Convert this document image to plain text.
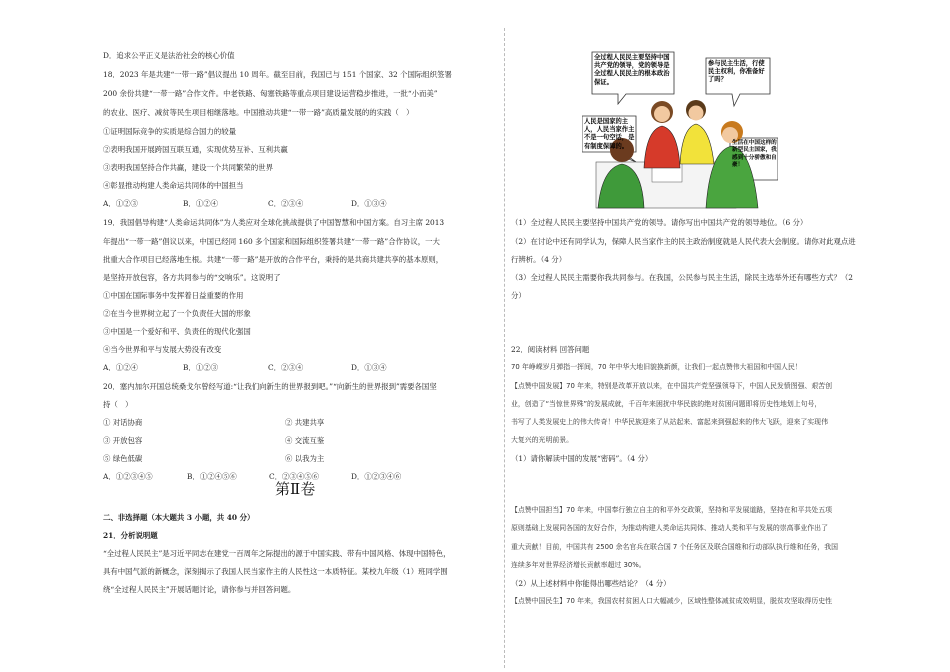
D．追求公平正义是法治社会的核心价值
18．2023 年是共建“一带一路”倡议提出 10 周年。截至目前，我国已与 151 个国家、32 个国际组织签署
200 余份共建“一带一路”合作文件。中老铁路、匈塞铁路等重点项目建设运营稳步推进，一批“小而美”
的农业、医疗、减贫等民生项目相继落地。中国推动共建“一带一路”高质量发展的的实践（　）
①证明国际竞争的实质是综合国力的较量
②表明我国开展跨国互联互通，实现优势互补、互利共赢
③表明我国坚持合作共赢，建设一个共同繁荣的世界
④彰显推动构建人类命运共同体的中国担当
A．①②③	B．①②④	C．②③④	D．①③④
19．我国倡导构建“人类命运共同体”为人类应对全球化挑战提供了中国智慧和中国方案。自习主席 2013
年提出“一带一路”倡议以来，中国已经同 160 多个国家和国际组织签署共建“一带一路”合作协议，一大
批重大合作项目已经落地生根。共建“一带一路”是开放的合作平台，秉持的是共商共建共享的基本原则，
是坚持开放包容，各方共同参与的“交响乐”。这说明了
①中国在国际事务中发挥着日益重要的作用
②在当今世界树立起了一个负责任大国的形象
③中国是一个爱好和平、负责任的现代化强国
④当今世界和平与发展大势没有改变
A．①②④	B．①②③	C．②③④	D．①③④
20．塞内加尔开国总统桑戈尔曾经写道:“让我们向新生的世界报到吧。”“向新生的世界报到”需要各国坚
持（　）
① 对话协商	② 共建共享
③ 开放包容	④ 交流互鉴
⑤ 绿色低碳	⑥ 以我为主
A．①②③④⑤	B．①②④⑤⑥	C．②③④⑤⑥	D．①②③④⑥
第Ⅱ卷
二、非选择题（本大题共 3 小题，共 40 分）
21．分析说明题
“全过程人民民主”是习近平同志在建党一百周年之际提出的源于中国实践、带有中国风格、体现中国特色，
具有中国气派的新概念，深刻揭示了我国人民当家作主的人民性这一本质特征。某校九年级（1）班同学围
绕“全过程人民民主”开展话题讨论，请你参与并回答问题。
全过程人民民主要坚持中国共产党的领导，党的领导是全过程人民民主的根本政治保证。
参与民主生活，行使民主权利，你准备好了吗？
人民是国家的主人，人民当家作主不是一句空话，是有制度保障的。	生活在中国这样的新型民主国家，我感到十分骄傲和自豪！
（1）全过程人民民主要坚持中国共产党的领导。请你写出中国共产党的领导地位。（6 分）
（2）在讨论中还有同学认为，保障人民当家作主的民主政治制度就是人民代表大会制度。请你对此观点进
行辨析。（4 分）
（3）全过程人民民主需要你我共同参与。在我国，公民参与民主生活，除民主选举外还有哪些方式？（2
分）
22．阅读材料 回答问题
70 年峥嵘岁月弹指一挥间，70 年中华大地旧貌换新颜，让我们一起点赞伟大祖国和中国人民！
【点赞中国发展】70 年来，特别是改革开放以来，在中国共产党坚强领导下，中国人民发愤图强、艰苦创
业，创造了“当惊世界殊”的发展成就，千百年来困扰中华民族的绝对贫困问题即将历史性地划上句号，
书写了人类发展史上的伟大传奇！中华民族迎来了从站起来、富起来到强起来的伟大飞跃，迎来了实现伟
大复兴的光明前景。
（1）请你解读中国的发展“密码”。（4 分）
【点赞中国担当】70 年来，中国奉行独立自主的和平外交政策，坚持和平发展道路，坚持在和平共处五项
原则基础上发展同各国的友好合作，为推动构建人类命运共同体、推动人类和平与发展的崇高事业作出了
重大贡献！目前，中国共有 2500 余名官兵在联合国 7 个任务区及联合国维和行动部队执行维和任务，我国
连续多年对世界经济增长贡献率超过 30%。
（2）从上述材料中你能得出哪些结论？（4 分）
【点赞中国民生】70 年来，我国农村贫困人口大幅减少，区域性整体减贫成效明显，脱贫攻坚取得历史性
